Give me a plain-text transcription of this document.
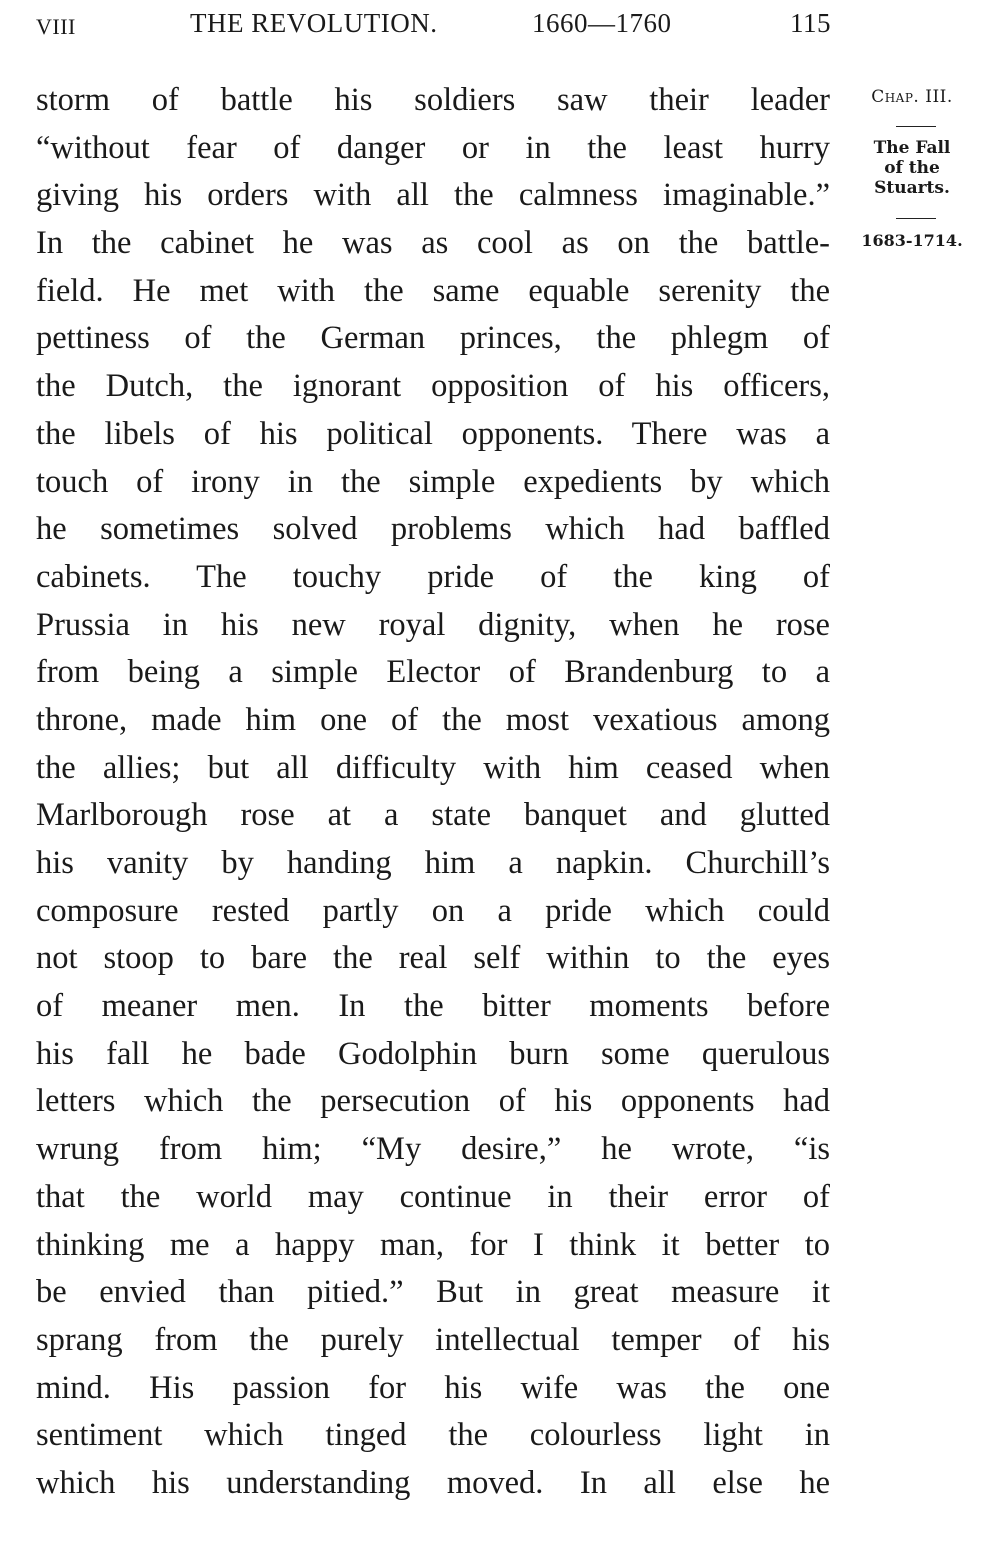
VIII	THE REVOLUTION.	1660—1760	115
storm of battle his soldiers saw their leader
“without fear of danger or in the least hurry
giving his orders with all the calmness imaginable.”
In the cabinet he was as cool as on the battle-
field. He met with the same equable serenity the
pettiness of the German princes, the phlegm of
the Dutch, the ignorant opposition of his officers,
the libels of his political opponents. There was a
touch of irony in the simple expedients by which
he sometimes solved problems which had baffled
cabinets. The touchy pride of the king of
Prussia in his new royal dignity, when he rose
from being a simple Elector of Brandenburg to a
throne, made him one of the most vexatious among
the allies; but all difficulty with him ceased when
Marlborough rose at a state banquet and glutted
his vanity by handing him a napkin. Churchill’s
composure rested partly on a pride which could
not stoop to bare the real self within to the eyes
of meaner men. In the bitter moments before
his fall he bade Godolphin burn some querulous
letters which the persecution of his opponents had
wrung from him; “My desire,” he wrote, “is
that the world may continue in their error of
thinking me a happy man, for I think it better to
be envied than pitied.” But in great measure it
sprang from the purely intellectual temper of his
mind. His passion for his wife was the one
sentiment which tinged the colourless light in
which his understanding moved. In all else he
Chap. III.
The Fall
of the
Stuarts.
1683-1714.
